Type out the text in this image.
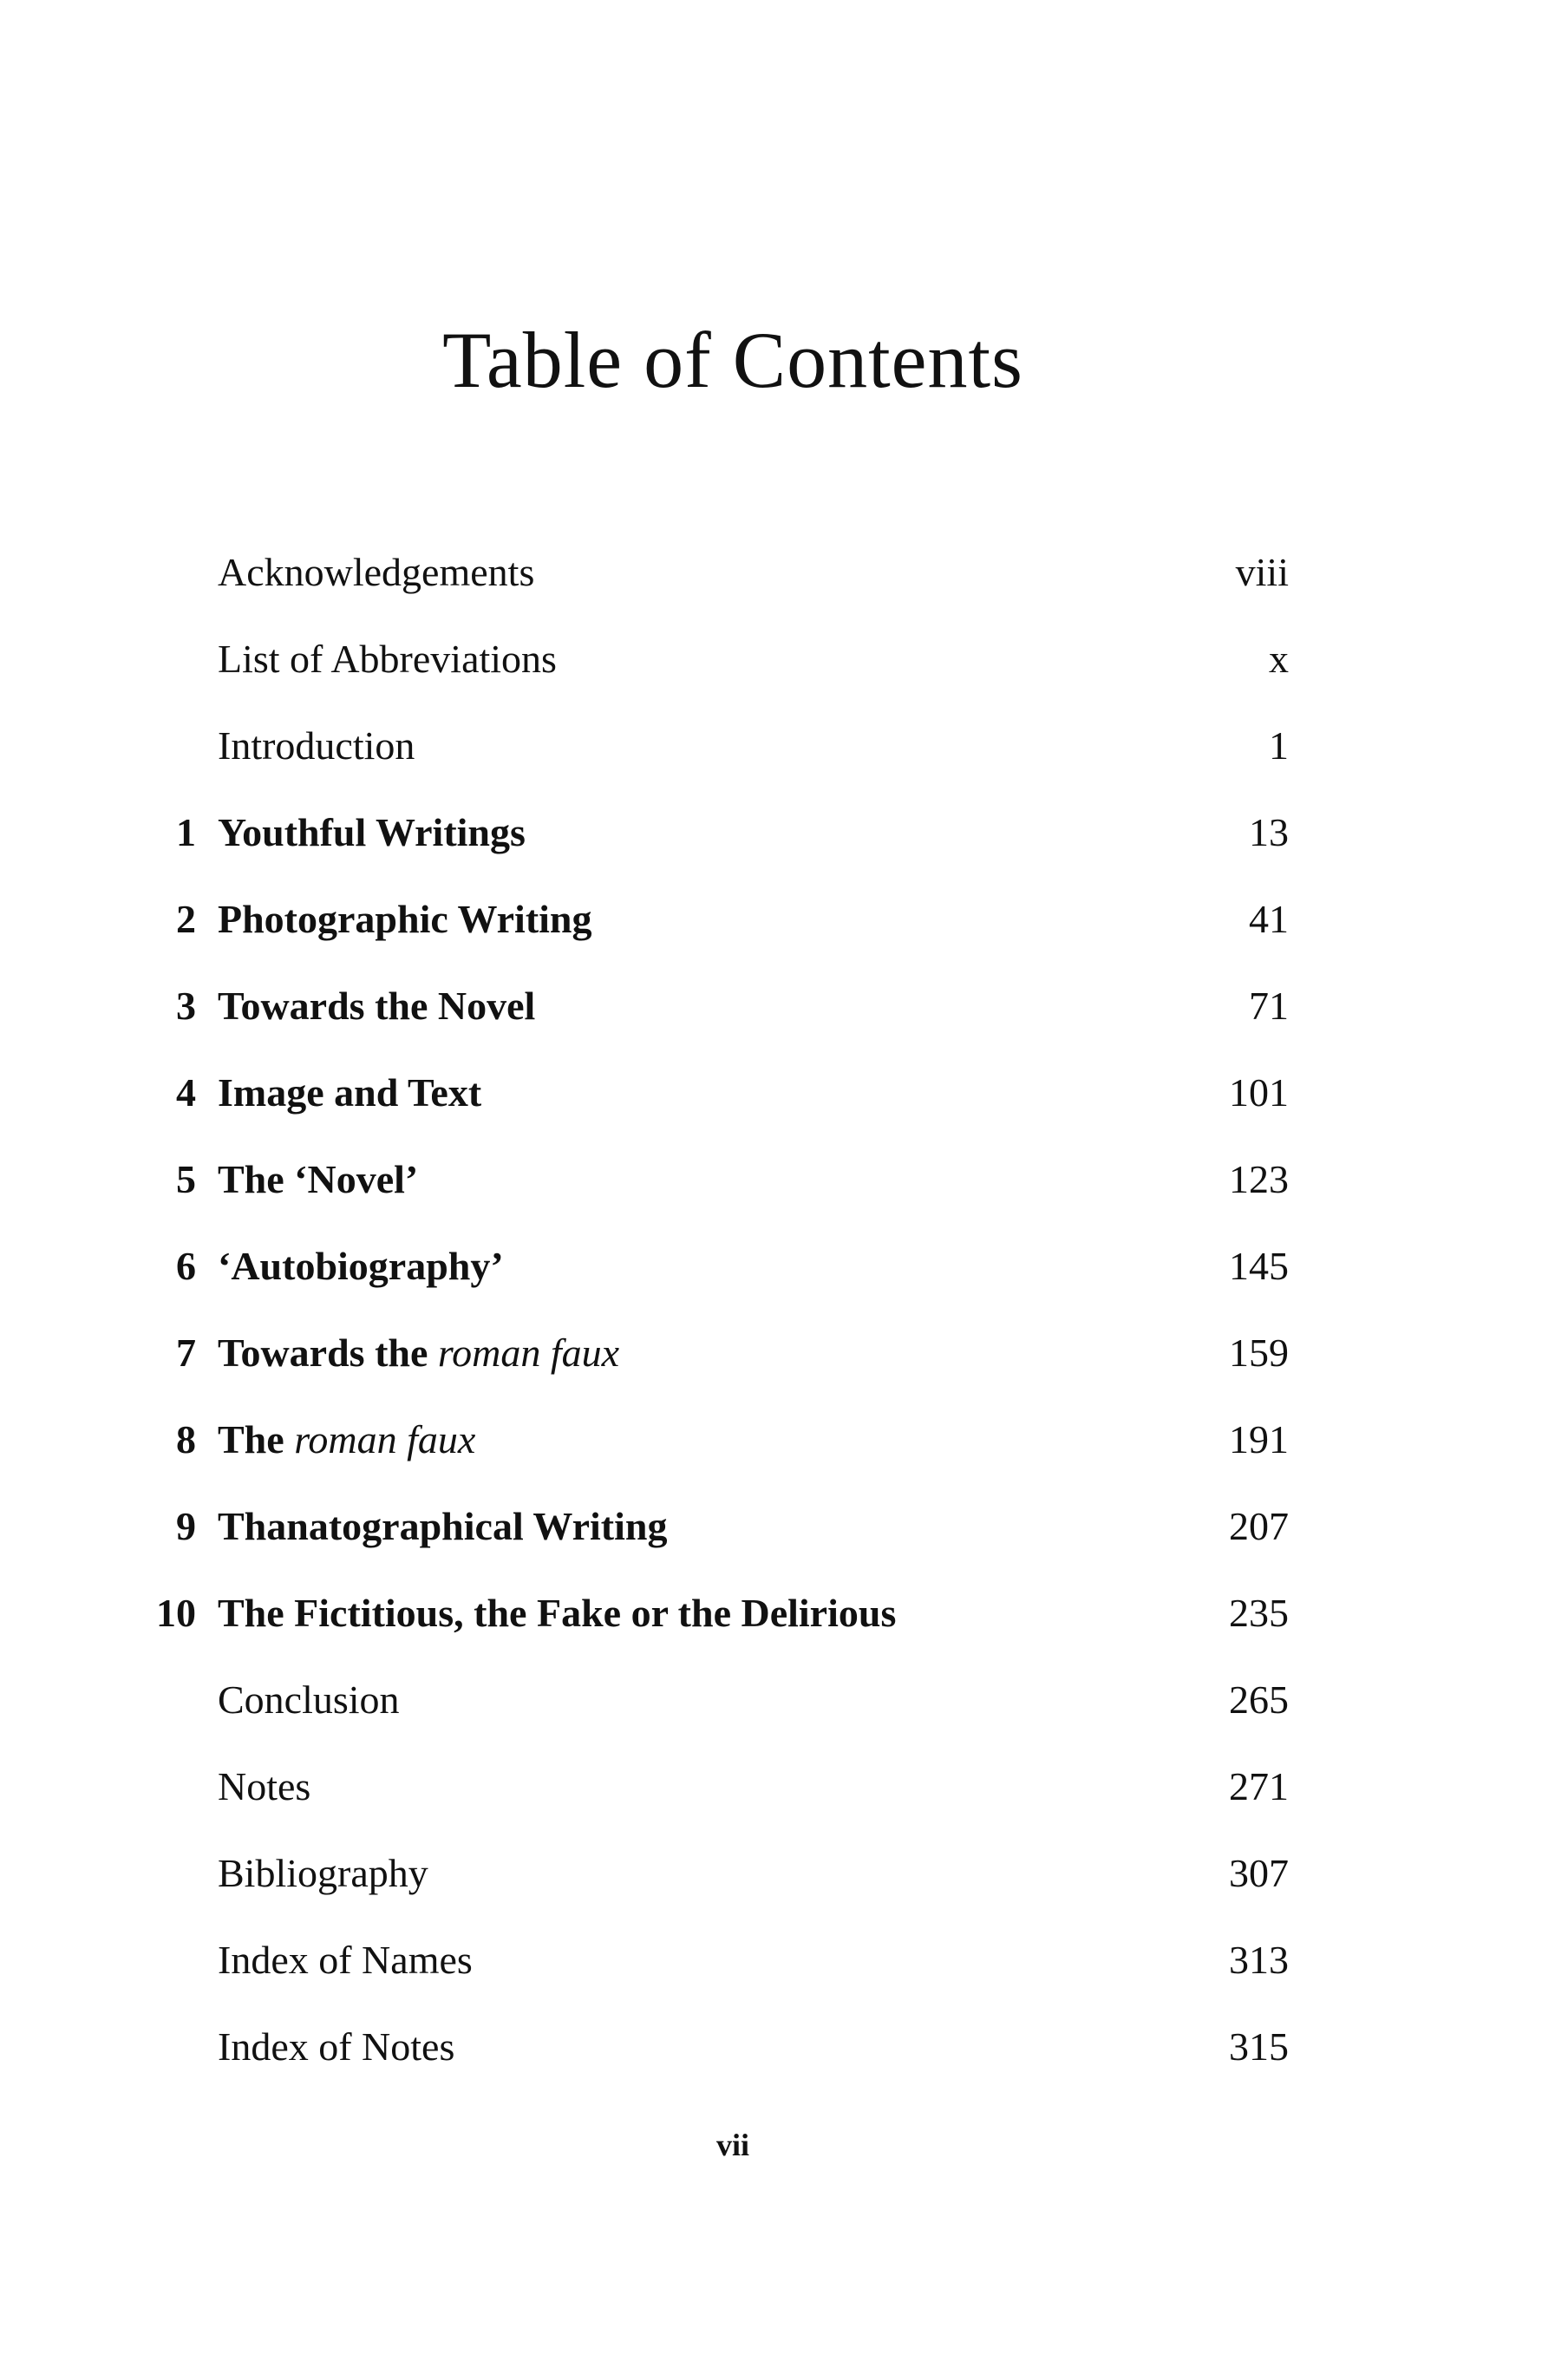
Table of Contents
Acknowledgements	viii
List of Abbreviations	x
Introduction	1
1 Youthful Writings	13
2 Photographic Writing	41
3 Towards the Novel	71
4 Image and Text	101
5 The ‘Novel’	123
6 ‘Autobiography’	145
7 Towards the roman faux	159
8 The roman faux	191
9 Thanatographical Writing	207
10 The Fictitious, the Fake or the Delirious	235
Conclusion	265
Notes	271
Bibliography	307
Index of Names	313
Index of Notes	315
vii
